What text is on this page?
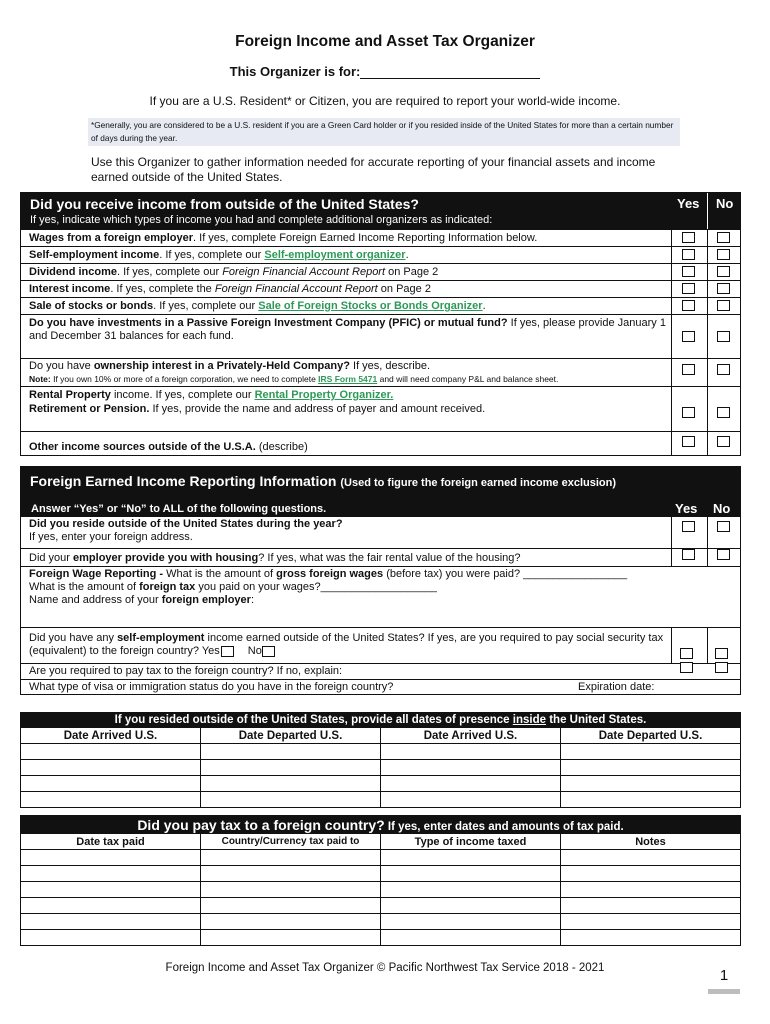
Foreign Income and Asset Tax Organizer
This Organizer is for:
If you are a U.S. Resident* or Citizen, you are required to report your world-wide income.
*Generally, you are considered to be a U.S. resident if you are a Green Card holder or if you resided inside of the United States for more than a certain number of days during the year.
Use this Organizer to gather information needed for accurate reporting of your financial assets and income earned outside of the United States.
Did you receive income from outside of the United States?
If yes, indicate which types of income you had and complete additional organizers as indicated:
Yes No
Wages from a foreign employer. If yes, complete Foreign Earned Income Reporting Information below.
Self-employment income. If yes, complete our Self-employment organizer.
Dividend income. If yes, complete our Foreign Financial Account Report on Page 2
Interest income. If yes, complete the Foreign Financial Account Report on Page 2
Sale of stocks or bonds. If yes, complete our Sale of Foreign Stocks or Bonds Organizer.
Do you have investments in a Passive Foreign Investment Company (PFIC) or mutual fund? If yes, please provide January 1 and December 31 balances for each fund.
Do you have ownership interest in a Privately-Held Company? If yes, describe.
Note: If you own 10% or more of a foreign corporation, we need to complete IRS Form 5471 and will need company P&L and balance sheet.
Rental Property income. If yes, complete our Rental Property Organizer.
Retirement or Pension. If yes, provide the name and address of payer and amount received.
Other income sources outside of the U.S.A. (describe)
Foreign Earned Income Reporting Information (Used to figure the foreign earned income exclusion)
Answer “Yes” or “No” to ALL of the following questions.	Yes No
Did you reside outside of the United States during the year?
If yes, enter your foreign address.
Did your employer provide you with housing? If yes, what was the fair rental value of the housing?
Foreign Wage Reporting - What is the amount of gross foreign wages (before tax) you were paid? _________________
What is the amount of foreign tax you paid on your wages?___________________
Name and address of your foreign employer:
Did you have any self-employment income earned outside of the United States? If yes, are you required to pay social security tax (equivalent) to the foreign country? Yes	No
Are you required to pay tax to the foreign country? If no, explain:
What type of visa or immigration status do you have in the foreign country?	Expiration date:
If you resided outside of the United States, provide all dates of presence inside the United States.			
Date Arrived U.S.	Date Departed U.S.	Date Arrived U.S.	Date Departed U.S.

Did you pay tax to a foreign country? If yes, enter dates and amounts of tax paid.			
Date tax paid	Country/Currency tax paid to	Type of income taxed	Notes

Foreign Income and Asset Tax Organizer © Pacific Northwest Tax Service 2018 - 2021	1
